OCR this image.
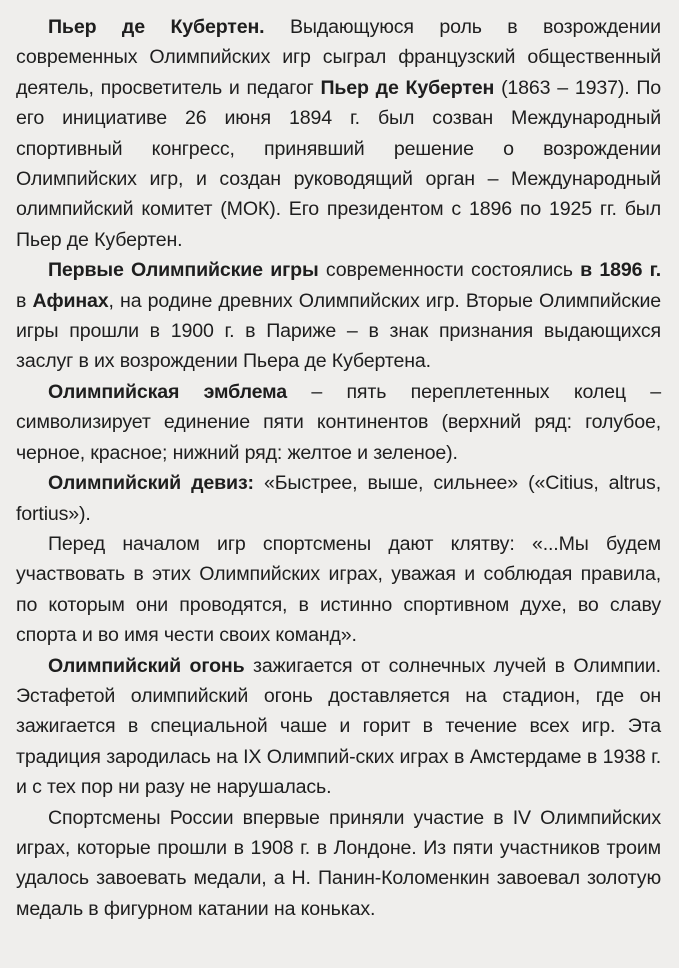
Пьер де Кубертен. Выдающуюся роль в возрождении современных Олимпийских игр сыграл французский общественный деятель, просветитель и педагог Пьер де Кубертен (1863 – 1937). По его инициативе 26 июня 1894 г. был созван Международный спортивный конгресс, принявший решение о возрождении Олимпийских игр, и создан руководящий орган – Международный олимпийский комитет (МОК). Его президентом с 1896 по 1925 гг. был Пьер де Кубертен.

Первые Олимпийские игры современности состоялись в 1896 г. в Афинах, на родине древних Олимпийских игр. Вторые Олимпийские игры прошли в 1900 г. в Париже – в знак признания выдающихся заслуг в их возрождении Пьера де Кубертена.

Олимпийская эмблема – пять переплетенных колец – символизирует единение пяти континентов (верхний ряд: голубое, черное, красное; нижний ряд: желтое и зеленое).

Олимпийский девиз: «Быстрее, выше, сильнее» («Citius, altrus, fortius»).

Перед началом игр спортсмены дают клятву: «...Мы будем участвовать в этих Олимпийских играх, уважая и соблюдая правила, по которым они проводятся, в истинно спортивном духе, во славу спорта и во имя чести своих команд».

Олимпийский огонь зажигается от солнечных лучей в Олимпии. Эстафетой олимпийский огонь доставляется на стадион, где он зажигается в специальной чаше и горит в течение всех игр. Эта традиция зародилась на IX Олимпий-ских играх в Амстердаме в 1938 г. и с тех пор ни разу не нарушалась.

Спортсмены России впервые приняли участие в IV Олимпийских играх, которые прошли в 1908 г. в Лондоне. Из пяти участников троим удалось завоевать медали, а Н. Панин-Коломенкин завоевал золотую медаль в фигурном катании на коньках.
